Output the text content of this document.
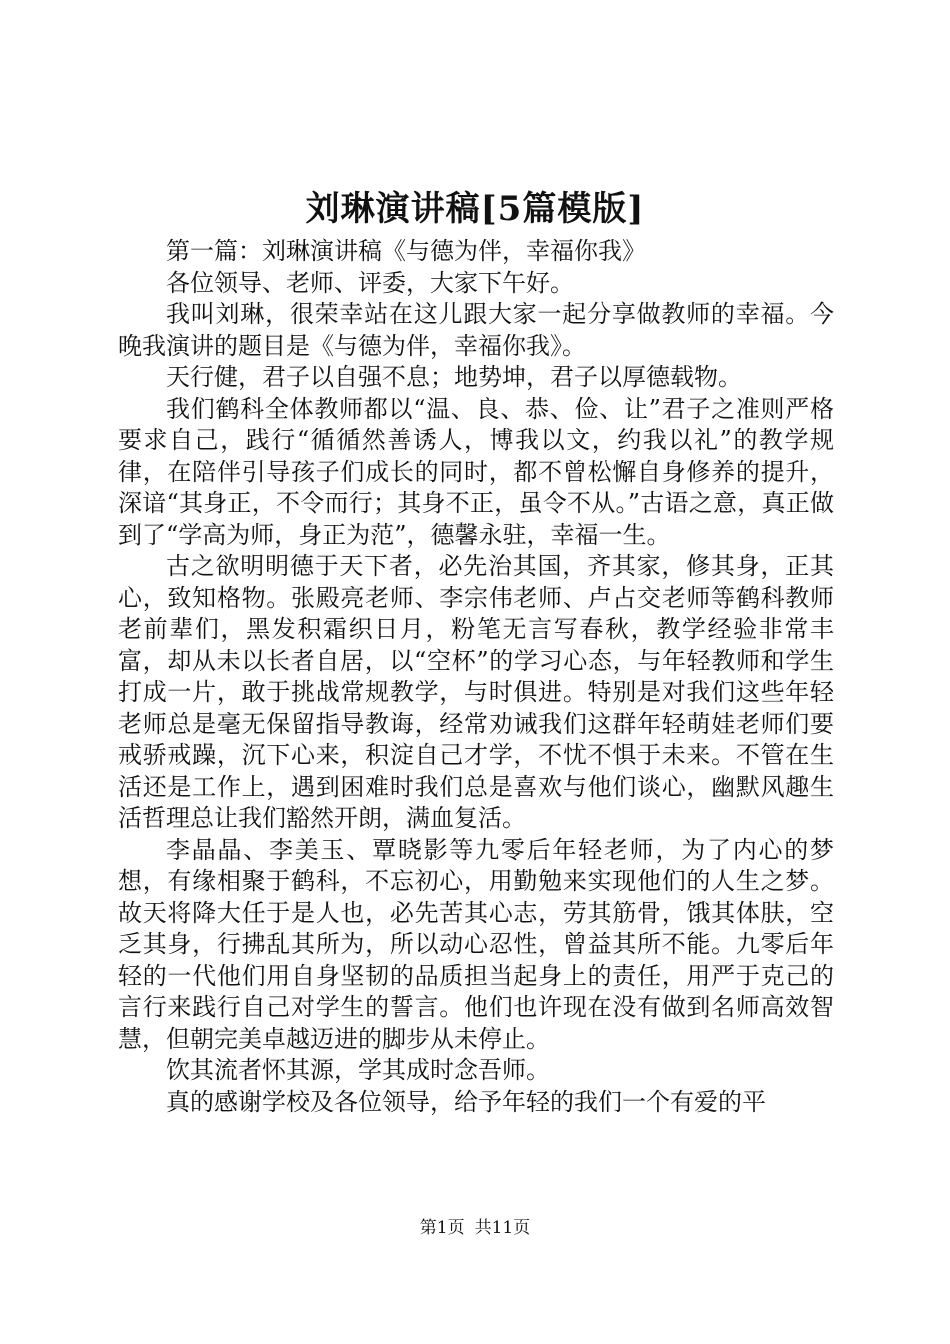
刘琳演讲稿[5篇模版]

第一篇：刘琳演讲稿《与德为伴，幸福你我》

各位领导、老师、评委，大家下午好。

我叫刘琳，很荣幸站在这儿跟大家一起分享做教师的幸福。今晚我演讲的题目是《与德为伴，幸福你我》。

天行健，君子以自强不息；地势坤，君子以厚德载物。

我们鹤科全体教师都以“温、良、恭、俭、让”君子之准则严格要求自己，践行“循循然善诱人，博我以文，约我以礼”的教学规律，在陪伴引导孩子们成长的同时，都不曾松懈自身修养的提升，深谙“其身正，不令而行；其身不正，虽令不从。”古语之意，真正做到了“学高为师，身正为范”，德馨永驻，幸福一生。

古之欲明明德于天下者，必先治其国，齐其家，修其身，正其心，致知格物。张殿亮老师、李宗伟老师、卢占交老师等鹤科教师老前辈们，黑发积霜织日月，粉笔无言写春秋，教学经验非常丰富，却从未以长者自居，以“空杯”的学习心态，与年轻教师和学生打成一片，敢于挑战常规教学，与时俱进。特别是对我们这些年轻老师总是毫无保留指导教诲，经常劝诫我们这群年轻萌娃老师们要戒骄戒躁，沉下心来，积淀自己才学，不忧不惧于未来。不管在生活还是工作上，遇到困难时我们总是喜欢与他们谈心，幽默风趣生活哲理总让我们豁然开朗，满血复活。

李晶晶、李美玉、覃晓影等九零后年轻老师，为了内心的梦想，有缘相聚于鹤科，不忘初心，用勤勉来实现他们的人生之梦。故天将降大任于是人也，必先苦其心志，劳其筋骨，饿其体肤，空乏其身，行拂乱其所为，所以动心忍性，曾益其所不能。九零后年轻的一代他们用自身坚韧的品质担当起身上的责任，用严于克己的言行来践行自己对学生的誓言。他们也许现在没有做到名师高效智慧，但朝完美卓越迈进的脚步从未停止。

饮其流者怀其源，学其成时念吾师。

真的感谢学校及各位领导，给予年轻的我们一个有爱的平

第1页 共11页
